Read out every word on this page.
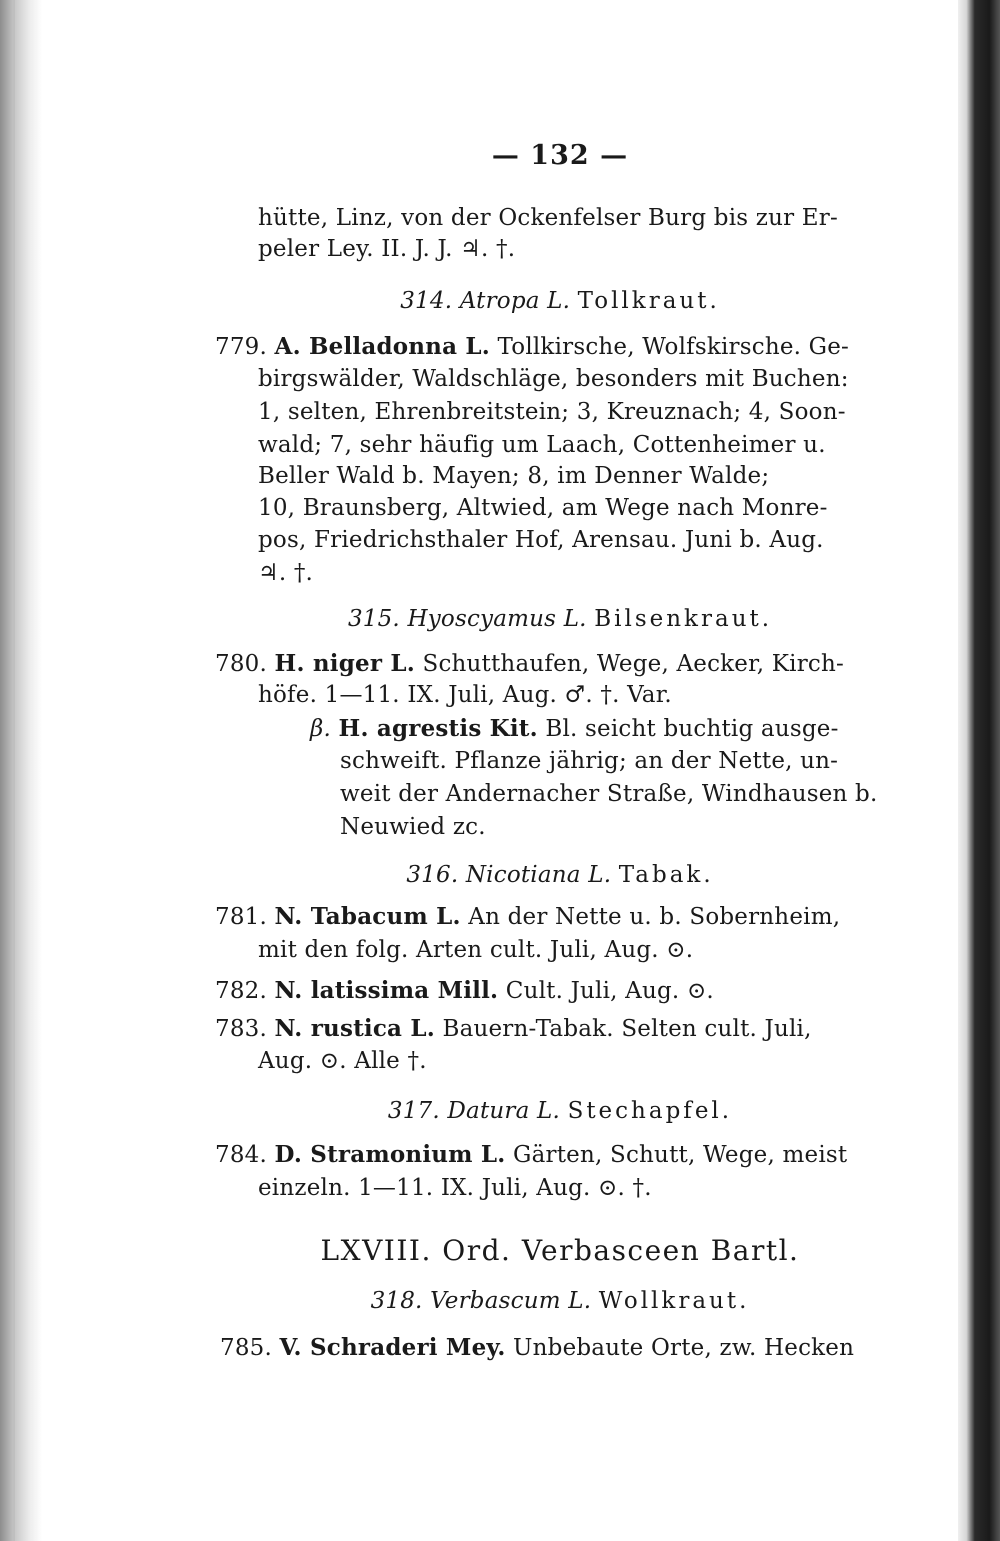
— 132 —
hütte, Linz, von der Ockenfelser Burg bis zur Er-
peler Ley. II. J. J. ♃. †.
314. Atropa L. Tollkraut.
779. A. Belladonna L. Tollkirsche, Wolfskirsche. Ge-
birgswälder, Waldschläge, besonders mit Buchen:
1, selten, Ehrenbreitstein; 3, Kreuznach; 4, Soon-
wald; 7, sehr häufig um Laach, Cottenheimer u.
Beller Wald b. Mayen; 8, im Denner Walde;
10, Braunsberg, Altwied, am Wege nach Monre-
pos, Friedrichsthaler Hof, Arensau. Juni b. Aug.
♃. †.
315. Hyoscyamus L. Bilsenkraut.
780. H. niger L. Schutthaufen, Wege, Aecker, Kirch-
höfe. 1—11. IX. Juli, Aug. ♂. †. Var.
β. H. agrestis Kit. Bl. seicht buchtig ausge-
schweift. Pflanze jährig; an der Nette, un-
weit der Andernacher Straße, Windhausen b.
Neuwied zc.
316. Nicotiana L. Tabak.
781. N. Tabacum L. An der Nette u. b. Sobernheim,
mit den folg. Arten cult. Juli, Aug. ⊙.
782. N. latissima Mill. Cult. Juli, Aug. ⊙.
783. N. rustica L. Bauern-Tabak. Selten cult. Juli,
Aug. ⊙. Alle †.
317. Datura L. Stechapfel.
784. D. Stramonium L. Gärten, Schutt, Wege, meist
einzeln. 1—11. IX. Juli, Aug. ⊙. †.
LXVIII. Ord. Verbasceen Bartl.
318. Verbascum L. Wollkraut.
785. V. Schraderi Mey. Unbebaute Orte, zw. Hecken
